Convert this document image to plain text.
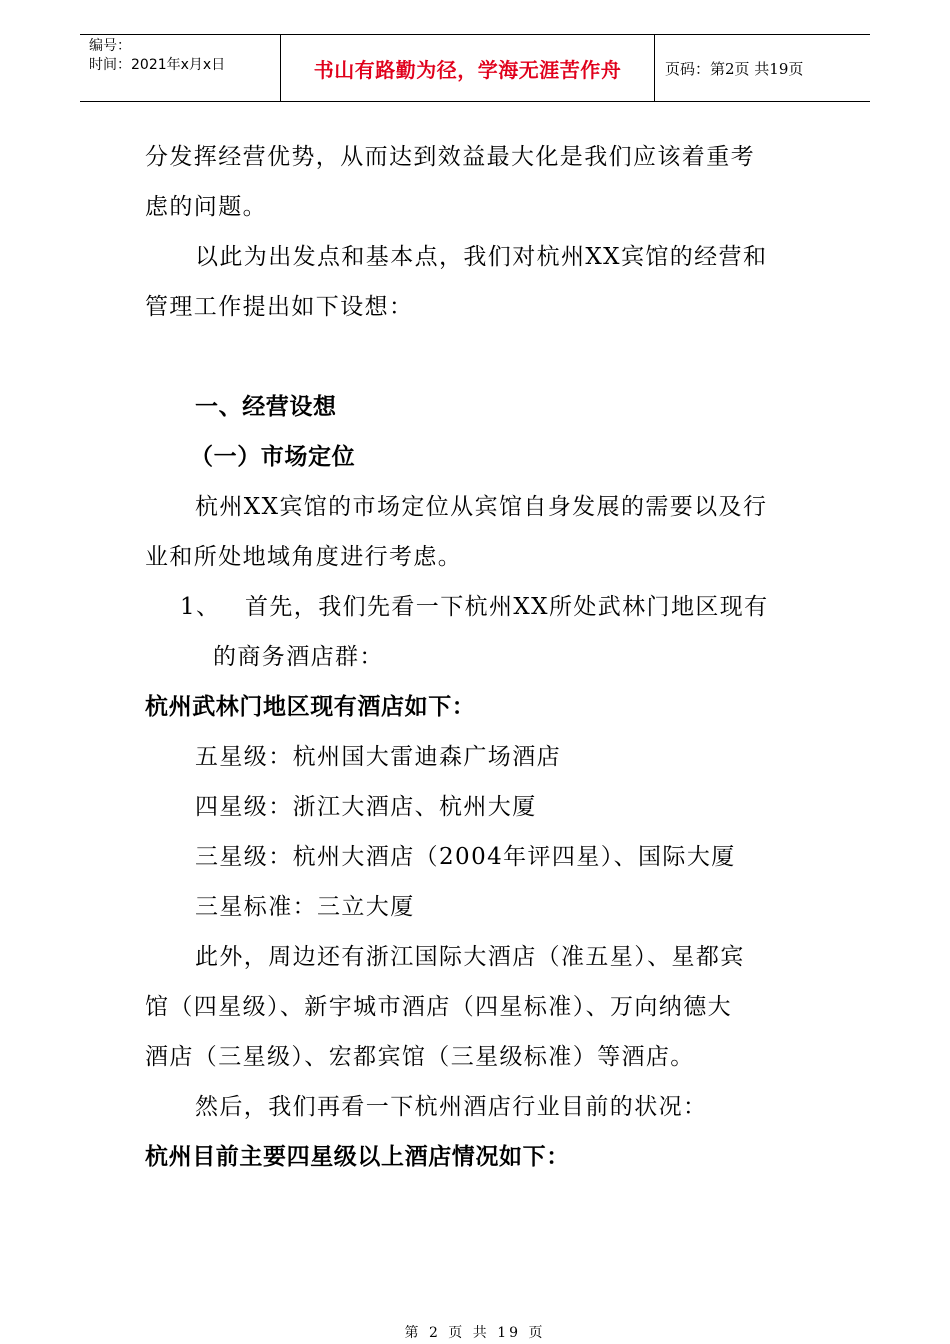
编号：
时间：2021年x月x日	书山有路勤为径，学海无涯苦作舟	页码：第2页 共19页

分发挥经营优势，从而达到效益最大化是我们应该着重考

虑的问题。

以此为出发点和基本点，我们对杭州XX宾馆的经营和

管理工作提出如下设想：

一、经营设想

（一）市场定位

杭州XX宾馆的市场定位从宾馆自身发展的需要以及行

业和所处地域角度进行考虑。

1、	首先，我们先看一下杭州XX所处武林门地区现有

的商务酒店群：

杭州武林门地区现有酒店如下：

五星级：杭州国大雷迪森广场酒店

四星级：浙江大酒店、杭州大厦

三星级：杭州大酒店（2004年评四星）、国际大厦

三星标准：三立大厦

此外，周边还有浙江国际大酒店（准五星）、星都宾

馆（四星级）、新宇城市酒店（四星标准）、万向纳德大

酒店（三星级）、宏都宾馆（三星级标准）等酒店。

然后，我们再看一下杭州酒店行业目前的状况：

杭州目前主要四星级以上酒店情况如下：

第 2 页 共 19 页
